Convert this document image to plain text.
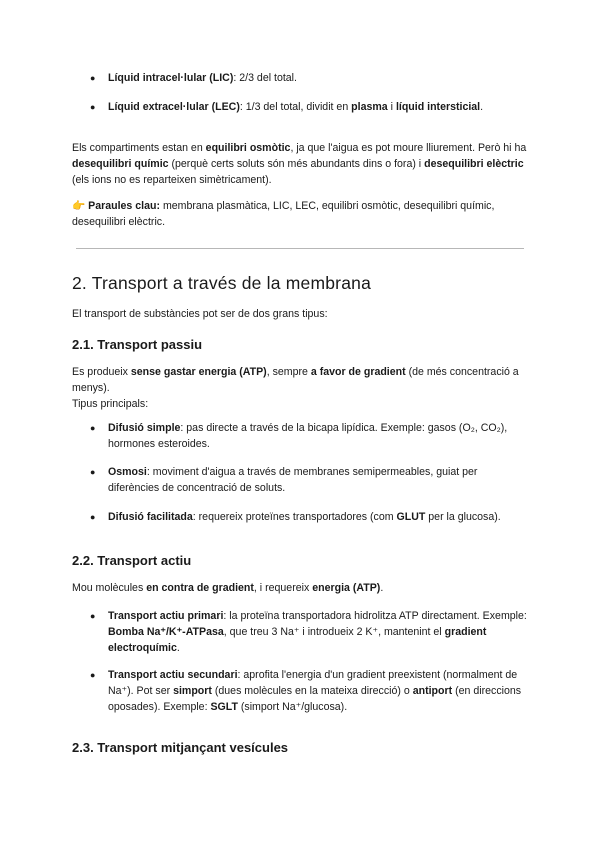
● Líquid intracel·lular (LIC): 2/3 del total.

● Líquid extracel·lular (LEC): 1/3 del total, dividit en plasma i líquid intersticial.

Els compartiments estan en equilibri osmòtic, ja que l'aigua es pot moure lliurement. Però hi ha desequilibri químic (perquè certs soluts són més abundants dins o fora) i desequilibri elèctric (els ions no es reparteixen simètricament).

👉 Paraules clau: membrana plasmàtica, LIC, LEC, equilibri osmòtic, desequilibri químic, desequilibri elèctric.

2. Transport a través de la membrana

El transport de substàncies pot ser de dos grans tipus:

2.1. Transport passiu

Es produeix sense gastar energia (ATP), sempre a favor de gradient (de més concentració a menys).
Tipus principals:

● Difusió simple: pas directe a través de la bicapa lipídica. Exemple: gasos (O₂, CO₂), hormones esteroides.

● Osmosi: moviment d'aigua a través de membranes semipermeables, guiat per diferències de concentració de soluts.

● Difusió facilitada: requereix proteïnes transportadores (com GLUT per la glucosa).

2.2. Transport actiu

Mou molècules en contra de gradient, i requereix energia (ATP).

● Transport actiu primari: la proteïna transportadora hidrolitza ATP directament. Exemple: Bomba Na⁺/K⁺-ATPasa, que treu 3 Na⁺ i introdueix 2 K⁺, mantenint el gradient electroquímic.

● Transport actiu secundari: aprofita l'energia d'un gradient preexistent (normalment de Na⁺). Pot ser simport (dues molècules en la mateixa direcció) o antiport (en direccions oposades). Exemple: SGLT (simport Na⁺/glucosa).

2.3. Transport mitjançant vesícules
